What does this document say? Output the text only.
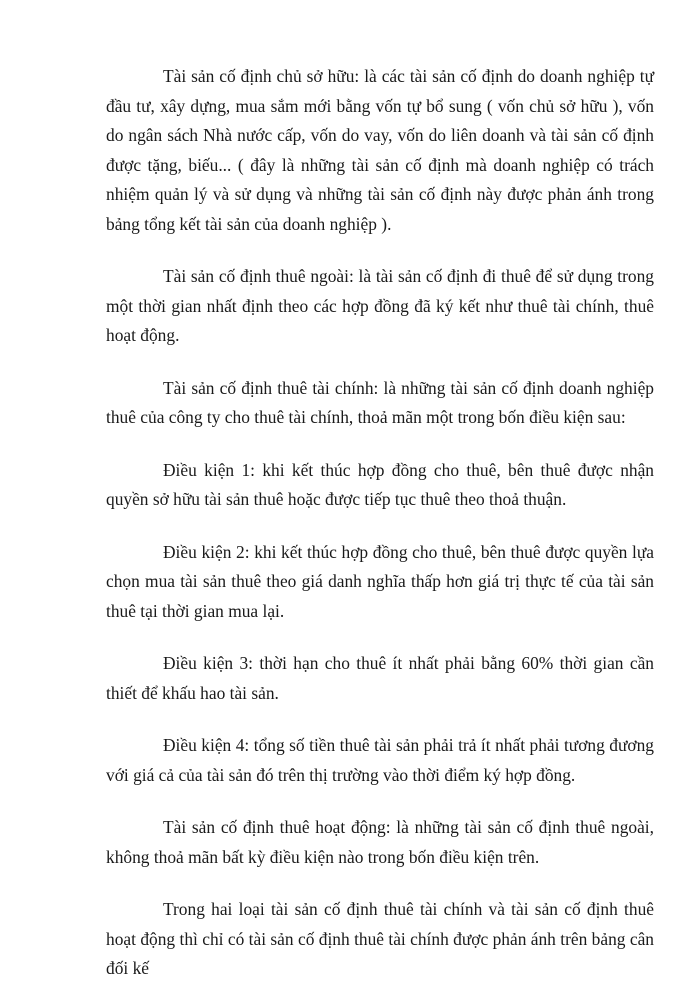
Tài sản cố định chủ sở hữu: là các tài sản cố định do doanh nghiệp tự đầu tư, xây dựng, mua sắm mới bằng vốn tự bổ sung ( vốn chủ sở hữu ), vốn do ngân sách Nhà nước cấp, vốn do vay, vốn do liên doanh và tài sản cố định được tặng, biếu... ( đây là những tài sản cố định mà doanh nghiệp có trách nhiệm quản lý và sử dụng và những tài sản cố định này được phản ánh trong bảng tổng kết tài sản của doanh nghiệp ).

Tài sản cố định thuê ngoài: là tài sản cố định đi thuê để sử dụng trong một thời gian nhất định theo các hợp đồng đã ký kết như thuê tài chính, thuê hoạt động.

Tài sản cố định thuê tài chính: là những tài sản cố định doanh nghiệp thuê của công ty cho thuê tài chính, thoả mãn một trong bốn điều kiện sau:

Điều kiện 1: khi kết thúc hợp đồng cho thuê, bên thuê được nhận quyền sở hữu tài sản thuê hoặc được tiếp tục thuê theo thoả thuận.

Điều kiện 2: khi kết thúc hợp đồng cho thuê, bên thuê được quyền lựa chọn mua tài sản thuê theo giá danh nghĩa thấp hơn giá trị thực tế của tài sản thuê tại thời gian mua lại.

Điều kiện 3: thời hạn cho thuê ít nhất phải bằng 60% thời gian cần thiết để khấu hao tài sản.

Điều kiện 4: tổng số tiền thuê tài sản phải trả ít nhất phải tương đương với giá cả của tài sản đó trên thị trường vào thời điểm ký hợp đồng.

Tài sản cố định thuê hoạt động: là những tài sản cố định thuê ngoài, không thoả mãn bất kỳ điều kiện nào trong bốn điều kiện trên.

Trong hai loại tài sản cố định thuê tài chính và tài sản cố định thuê hoạt động thì chỉ có tài sản cố định thuê tài chính được phản ánh trên bảng cân đối kế
